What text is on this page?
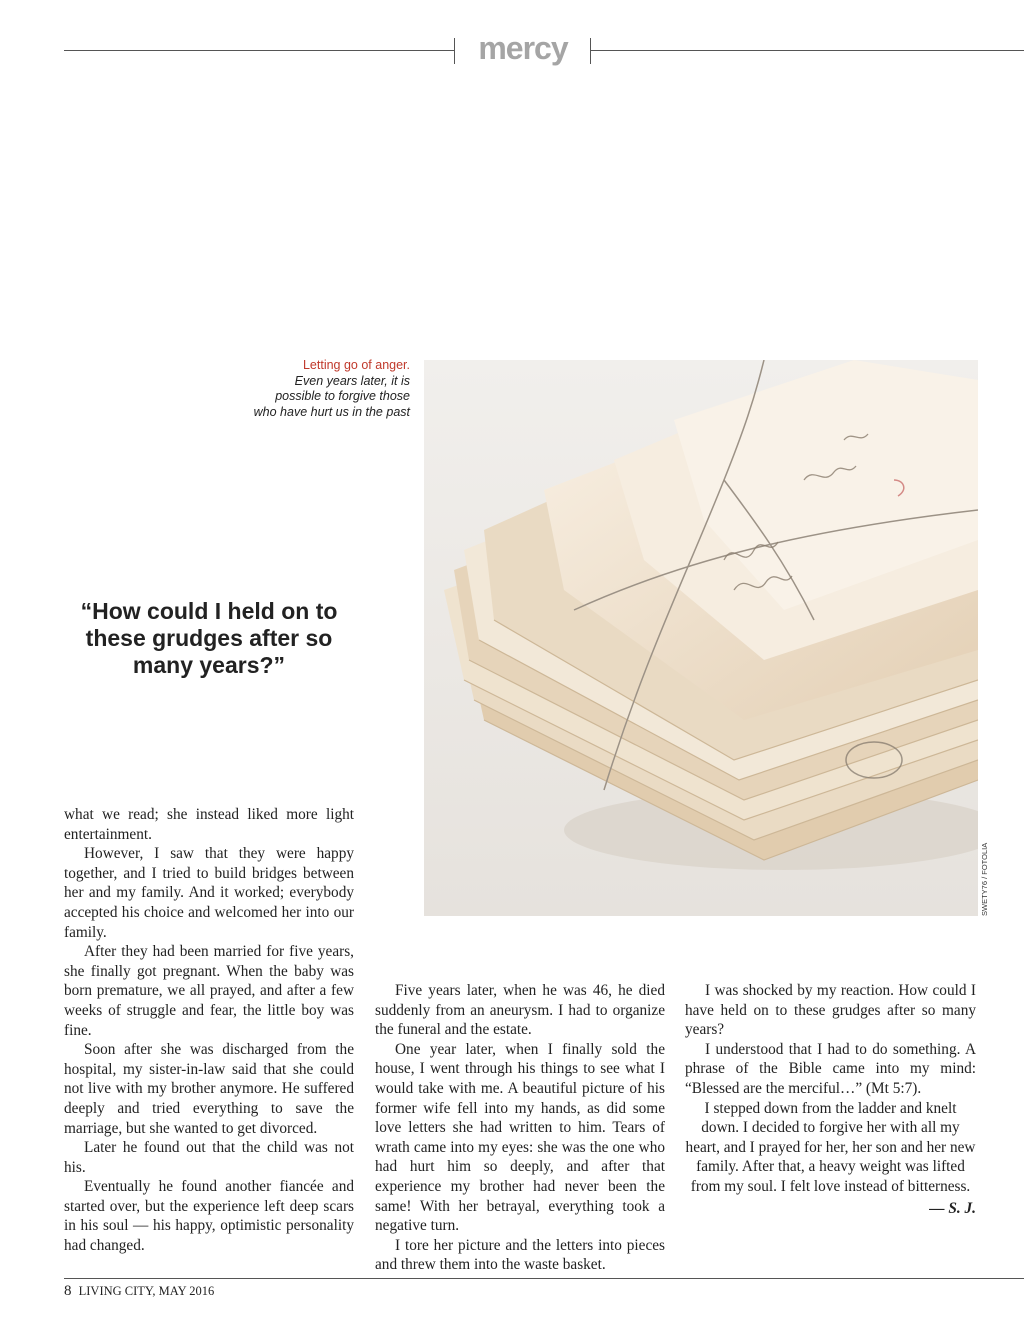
mercy
Letting go of anger.
Even years later, it is possible to forgive those who have hurt us in the past
SWETY76 / FOTOLIA
“How could I held on to these grudges after so many years?”

what we read; she instead liked more light entertainment.

However, I saw that they were happy together, and I tried to build bridges between her and my family. And it worked; everybody accepted his choice and welcomed her into our family.

After they had been married for five years, she finally got pregnant. When the baby was born premature, we all prayed, and after a few weeks of struggle and fear, the little boy was fine.

Soon after she was discharged from the hospital, my sister-in-law said that she could not live with my brother anymore. He suffered deeply and tried everything to save the marriage, but she wanted to get divorced.

Later he found out that the child was not his.

Eventually he found another fiancée and started over, but the experience left deep scars in his soul — his happy, optimistic personality had changed.

Five years later, when he was 46, he died suddenly from an aneurysm. I had to organize the funeral and the estate.

One year later, when I finally sold the house, I went through his things to see what I would take with me. A beautiful picture of his former wife fell into my hands, as did some love letters she had written to him. Tears of wrath came into my eyes: she was the one who had hurt him so deeply, and after that experience my brother had never been the same! With her betrayal, everything took a negative turn.

I tore her picture and the letters into pieces and threw them into the waste basket.

I was shocked by my reaction. How could I have held on to these grudges after so many years?

I understood that I had to do something. A phrase of the Bible came into my mind: “Blessed are the merciful…” (Mt 5:7).

I stepped down from the ladder and knelt down. I decided to forgive her with all my heart, and I prayed for her, her son and her new family. After that, a heavy weight was lifted from my soul. I felt love instead of bitterness.

— S. J.

8 LIVING CITY, MAY 2016
